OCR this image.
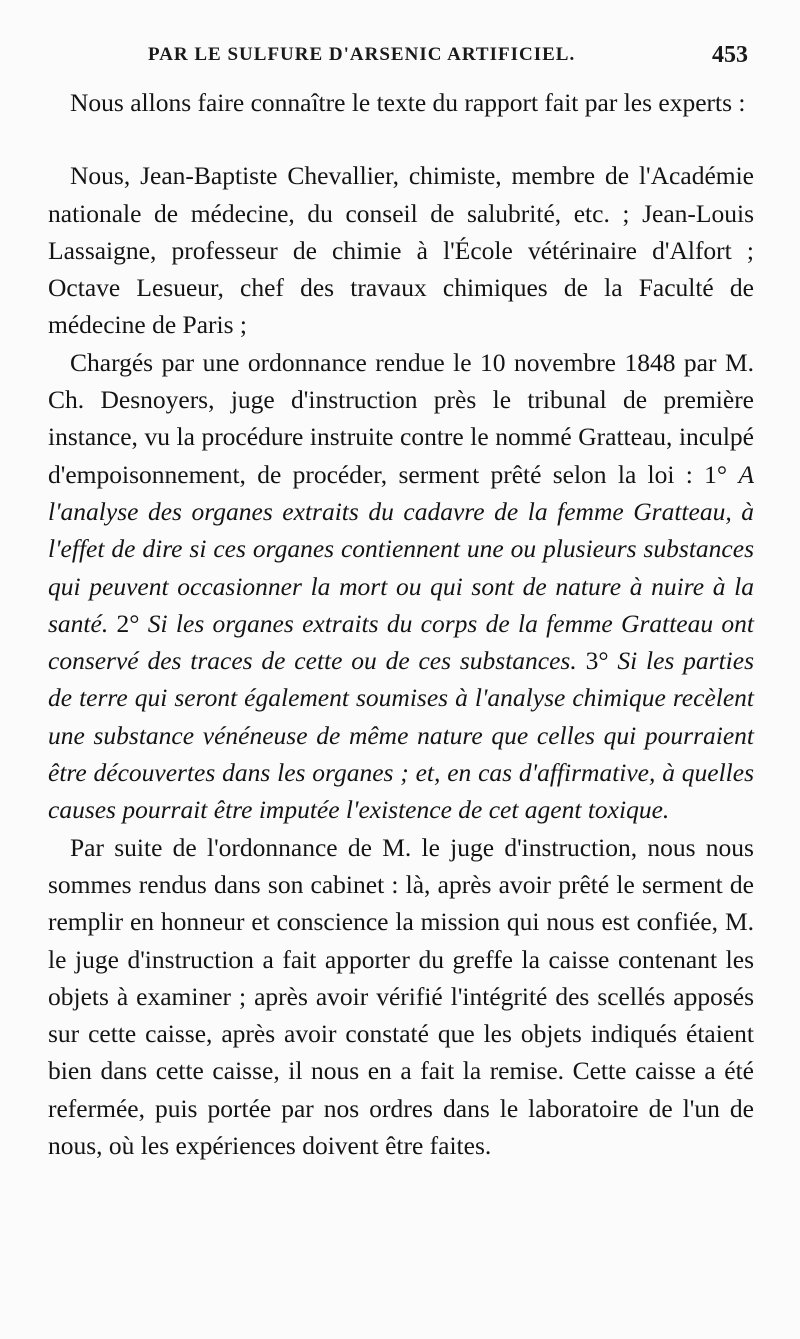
PAR LE SULFURE D'ARSENIC ARTIFICIEL.	453

Nous allons faire connaître le texte du rapport fait par les experts :

Nous, Jean-Baptiste Chevallier, chimiste, membre de l'Académie nationale de médecine, du conseil de salubrité, etc. ; Jean-Louis Lassaigne, professeur de chimie à l'École vétérinaire d'Alfort ; Octave Lesueur, chef des travaux chimiques de la Faculté de médecine de Paris ;

Chargés par une ordonnance rendue le 10 novembre 1848 par M. Ch. Desnoyers, juge d'instruction près le tribunal de première instance, vu la procédure instruite contre le nommé Gratteau, inculpé d'empoisonnement, de procéder, serment prêté selon la loi : 1° A l'analyse des organes extraits du cadavre de la femme Gratteau, à l'effet de dire si ces organes contiennent une ou plusieurs substances qui peuvent occasionner la mort ou qui sont de nature à nuire à la santé. 2° Si les organes extraits du corps de la femme Gratteau ont conservé des traces de cette ou de ces substances. 3° Si les parties de terre qui seront également soumises à l'analyse chimique recèlent une substance vénéneuse de même nature que celles qui pourraient être découvertes dans les organes ; et, en cas d'affirmative, à quelles causes pourrait être imputée l'existence de cet agent toxique.

Par suite de l'ordonnance de M. le juge d'instruction, nous nous sommes rendus dans son cabinet : là, après avoir prêté le serment de remplir en honneur et conscience la mission qui nous est confiée, M. le juge d'instruction a fait apporter du greffe la caisse contenant les objets à examiner ; après avoir vérifié l'intégrité des scellés apposés sur cette caisse, après avoir constaté que les objets indiqués étaient bien dans cette caisse, il nous en a fait la remise. Cette caisse a été refermée, puis portée par nos ordres dans le laboratoire de l'un de nous, où les expériences doivent être faites.
